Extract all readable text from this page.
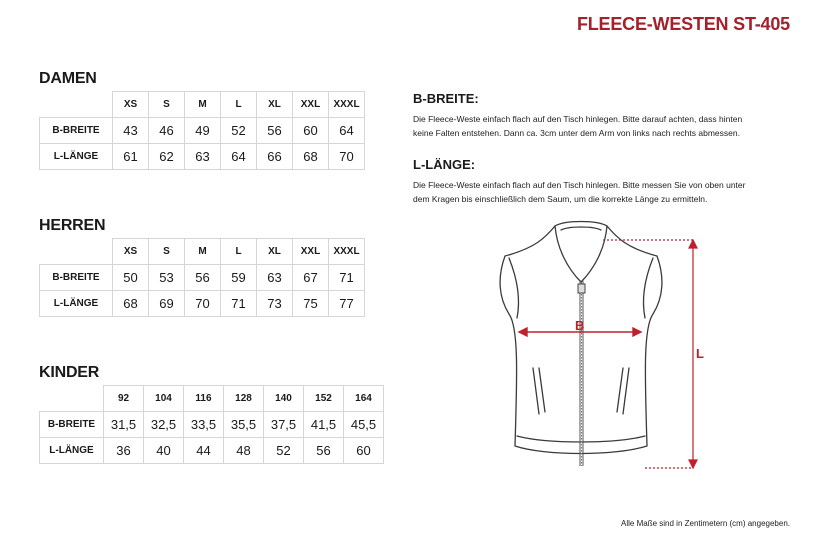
FLEECE-WESTEN ST-405
DAMEN
	XS	S	M	L	XL	XXL	XXXL
B-BREITE	43	46	49	52	56	60	64
L-LÄNGE	61	62	63	64	66	68	70
HERREN
	XS	S	M	L	XL	XXL	XXXL
B-BREITE	50	53	56	59	63	67	71
L-LÄNGE	68	69	70	71	73	75	77
KINDER
	92	104	116	128	140	152	164
B-BREITE	31,5	32,5	33,5	35,5	37,5	41,5	45,5
L-LÄNGE	36	40	44	48	52	56	60
B-BREITE:
Die Fleece-Weste einfach flach auf den Tisch hinlegen. Bitte darauf achten, dass hinten
keine Falten entstehen. Dann ca. 3cm unter dem Arm von links nach rechts abmessen.
L-LÄNGE:
Die Fleece-Weste einfach flach auf den Tisch hinlegen. Bitte messen Sie von oben unter
dem Kragen bis einschließlich dem Saum, um die korrekte Länge zu ermitteln.
B
L
Alle Maße sind in Zentimetern (cm) angegeben.
